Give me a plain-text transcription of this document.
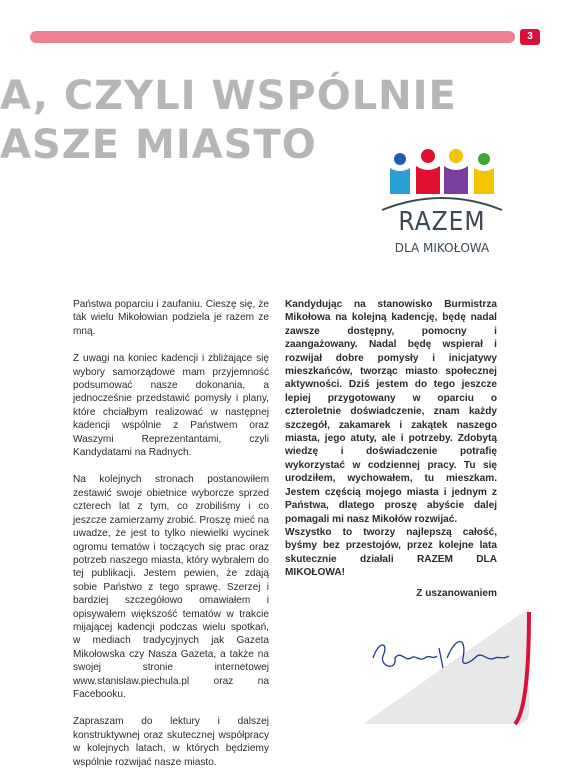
3
A, CZYLI WSPÓLNIE
ASZE MIASTO
RAZEM
DLA MIKOŁOWA

Państwa poparciu i zaufaniu. Cieszę się, że tak wielu Mikołowian podziela je razem ze mną.

Z uwagi na koniec kadencji i zbliżające się wybory samorządowe mam przyjemność podsumować nasze dokonania, a jednocześnie przedstawić pomysły i plany, które chciałbym realizować w następnej kadencji wspólnie z Państwem oraz Waszymi Reprezentantami, czyli Kandydatami na Radnych.

Na kolejnych stronach postanowiłem zestawić swoje obietnice wyborcze sprzed czterech lat z tym, co zrobiliśmy i co jeszcze zamierzamy zrobić. Proszę mieć na uwadze, że jest to tylko niewielki wycinek ogromu tematów i toczących się prac oraz potrzeb naszego miasta, który wybrałem do tej publikacji. Jestem pewien, że zdają sobie Państwo z tego sprawę. Szerzej i bardziej szczegółowo omawiałem i opisywałem większość tematów w trakcie mijającej kadencji podczas wielu spotkań, w mediach tradycyjnych jak Gazeta Mikołowska czy Nasza Gazeta, a także na swojej stronie internetowej www.stanislaw.piechula.pl oraz na Facebooku.

Zapraszam do lektury i dalszej konstruktywnej oraz skutecznej współpracy w kolejnych latach, w których będziemy wspólnie rozwijać nasze miasto.

Kandydując na stanowisko Burmistrza Mikołowa na kolejną kadencję, będę nadal zawsze dostępny, pomocny i zaangażowany. Nadal będę wspierał i rozwijał dobre pomysły i inicjatywy mieszkańców, tworząc miasto społecznej aktywności. Dziś jestem do tego jeszcze lepiej przygotowany w oparciu o czteroletnie doświadczenie, znam każdy szczegół, zakamarek i zakątek naszego miasta, jego atuty, ale i potrzeby. Zdobytą wiedzę i doświadczenie potrafię wykorzystać w codziennej pracy. Tu się urodziłem, wychowałem, tu mieszkam. Jestem częścią mojego miasta i jednym z Państwa, dlatego proszę abyście dalej pomagali mi nasz Mikołów rozwijać.

Wszystko to tworzy najlepszą całość, byśmy bez przestojów, przez kolejne lata skutecznie działali RAZEM DLA MIKOŁOWA!

Z uszanowaniem
